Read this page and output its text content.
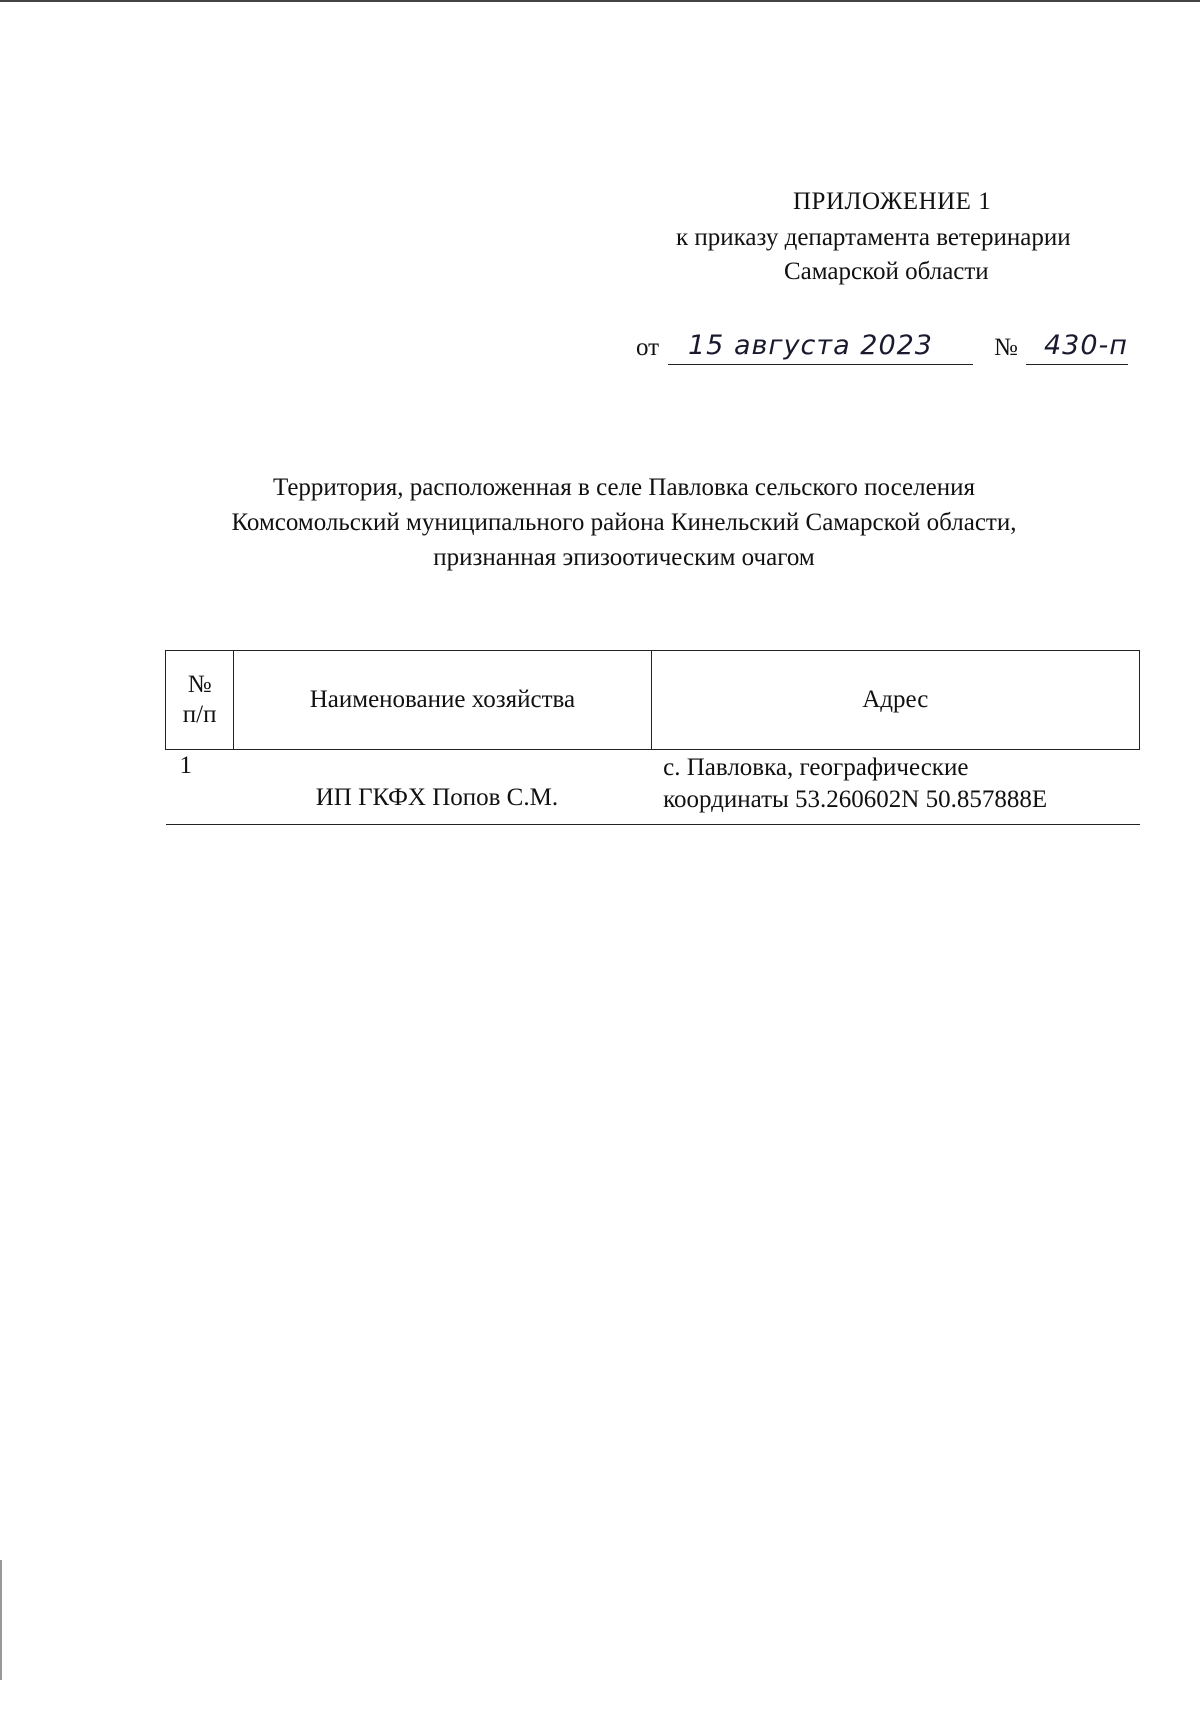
ПРИЛОЖЕНИЕ 1
к приказу департамента ветеринарии
Самарской области
от 15 августа 2023 № 430-п
Территория, расположенная в селе Павловка сельского поселения
Комсомольский муниципального района Кинельский Самарской области,
признанная эпизоотическим очагом
№
п/п	Наименование хозяйства	Адрес
1	ИП ГКФХ Попов С.М.	с. Павловка, географические
координаты 53.260602N 50.857888E
